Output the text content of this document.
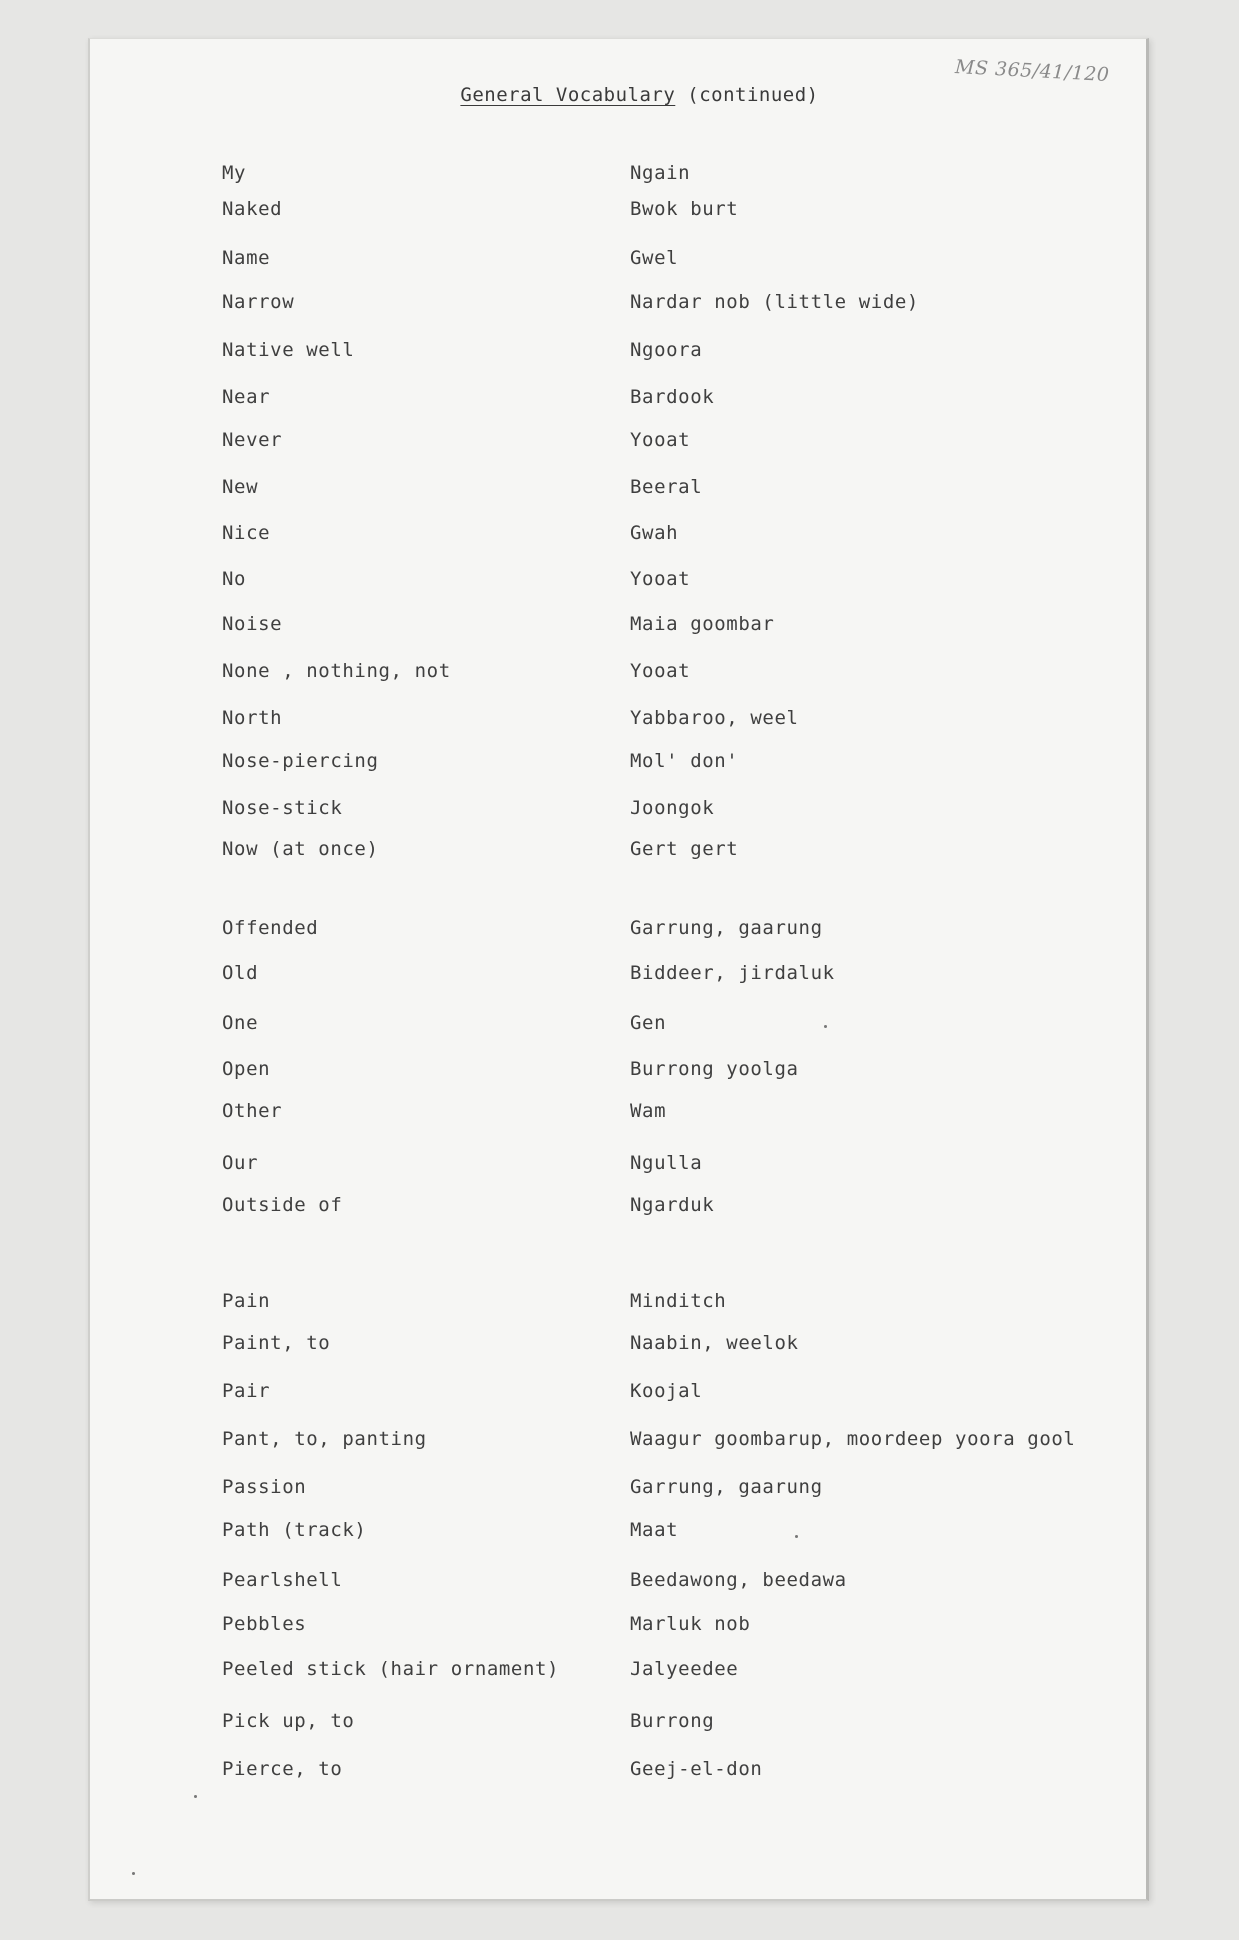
MS 365/41/120
General Vocabulary (continued)
My	Ngain
Naked	Bwok burt
Name	Gwel
Narrow	Nardar nob (little wide)
Native well	Ngoora
Near	Bardook
Never	Yooat
New	Beeral
Nice	Gwah
No	Yooat
Noise	Maia goombar
None , nothing, not	Yooat
North	Yabbaroo, weel
Nose-piercing	Mol' don'
Nose-stick	Joongok
Now (at once)	Gert gert
Offended	Garrung, gaarung
Old	Biddeer, jirdaluk
One	Gen
Open	Burrong yoolga
Other	Wam
Our	Ngulla
Outside of	Ngarduk
Pain	Minditch
Paint, to	Naabin, weelok
Pair	Koojal
Pant, to, panting	Waagur goombarup, moordeep yoora gool
Passion	Garrung, gaarung
Path (track)	Maat
Pearlshell	Beedawong, beedawa
Pebbles	Marluk nob
Peeled stick (hair ornament)	Jalyeedee
Pick up, to	Burrong
Pierce, to	Geej-el-don
